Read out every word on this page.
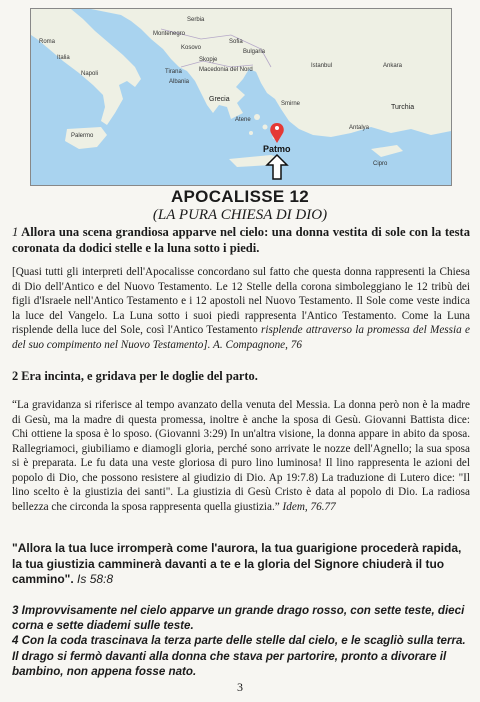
Serbia
Montenegro
Kosovo
Bulgaria
Sofia
Skopje
Macedonia del Nord
Albania
Tirana
Roma
Italia
Napoli
Istanbul	Ankara
Grecia
Atene
Turchia
Smirne
Antalya
Cipro
Palermo
Patmo
APOCALISSE 12
(LA PURA CHIESA DI DIO)
1 Allora una scena grandiosa apparve nel cielo: una donna vestita di sole con la testa coronata da dodici stelle e la luna sotto i piedi.
[Quasi tutti gli interpreti dell'Apocalisse concordano sul fatto che questa donna rappresenti la Chiesa di Dio dell'Antico e del Nuovo Testamento. Le 12 Stelle della corona simboleggiano le 12 tribù dei figli d'Israele nell'Antico Testamento e i 12 apostoli nel Nuovo Testamento. Il Sole come veste indica la luce del Vangelo. La Luna sotto i suoi piedi rappresenta l'Antico Testamento. Come la Luna risplende della luce del Sole, così l'Antico Testamento risplende attraverso la promessa del Messia e del suo compimento nel Nuovo Testamento]. A. Compagnone, 76
2 Era incinta, e gridava per le doglie del parto.
“La gravidanza si riferisce al tempo avanzato della venuta del Messia. La donna però non è la madre di Gesù, ma la madre di questa promessa, inoltre è anche la sposa di Gesù. Giovanni Battista dice: Chi ottiene la sposa è lo sposo. (Giovanni 3:29) In un'altra visione, la donna appare in abito da sposa. Rallegriamoci, giubiliamo e diamogli gloria, perché sono arrivate le nozze dell'Agnello; la sua sposa si è preparata. Le fu data una veste gloriosa di puro lino luminosa! Il lino rappresenta le azioni del popolo di Dio, che possono resistere al giudizio di Dio. Ap 19:7.8) La traduzione di Lutero dice: "Il lino scelto è la giustizia dei santi". La giustizia di Gesù Cristo è data al popolo di Dio. La radiosa bellezza che circonda la sposa rappresenta quella giustizia.” Idem, 76.77
"Allora la tua luce irromperà come l'aurora, la tua guarigione procederà rapida, la tua giustizia camminerà davanti a te e la gloria del Signore chiuderà il tuo cammino". Is 58:8
3 Improvvisamente nel cielo apparve un grande drago rosso, con sette teste, dieci corna e sette diademi sulle teste.
4 Con la coda trascinava la terza parte delle stelle dal cielo, e le scagliò sulla terra. Il drago si fermò davanti alla donna che stava per partorire, pronto a divorare il bambino, non appena fosse nato.
3
